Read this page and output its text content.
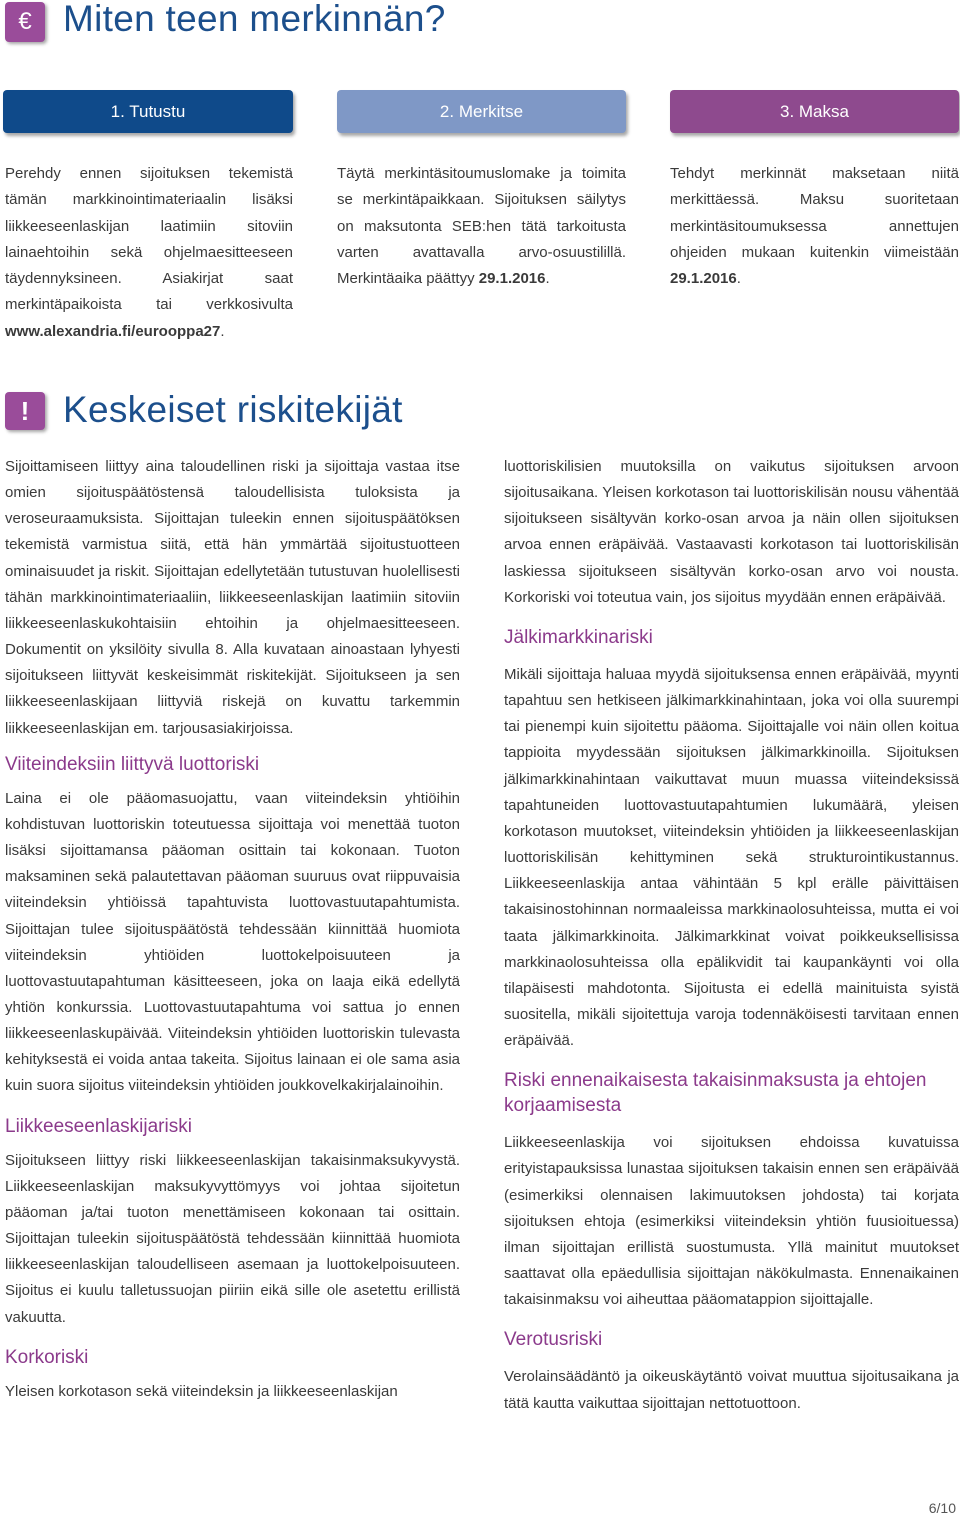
€ Miten teen merkinnän?
1. Tutustu	2. Merkitse	3. Maksa
Perehdy ennen sijoituksen tekemistä tämän markkinointimateriaalin lisäksi liikkeeseenlaskijan laatimiin sitoviin lainaehtoihin sekä ohjelmaesitteeseen täydennyksineen. Asiakirjat saat merkintäpaikoista tai verkkosivulta www.alexandria.fi/eurooppa27.
Täytä merkintäsitoumuslomake ja toimita se merkintäpaikkaan. Sijoituksen säilytys on maksutonta SEB:hen tätä tarkoitusta varten avattavalla arvo-osuustilillä. Merkintäaika päättyy 29.1.2016.
Tehdyt merkinnät maksetaan niitä merkittäessä. Maksu suoritetaan merkintäsitoumuksessa annettujen ohjeiden mukaan kuitenkin viimeistään 29.1.2016.
! Keskeiset riskitekijät
Sijoittamiseen liittyy aina taloudellinen riski ja sijoittaja vastaa itse omien sijoituspäätöstensä taloudellisista tuloksista ja veroseuraamuksista. Sijoittajan tuleekin ennen sijoituspäätöksen tekemistä varmistua siitä, että hän ymmärtää sijoitustuotteen ominaisuudet ja riskit. Sijoittajan edellytetään tutustuvan huolellisesti tähän markkinointimateriaaliin, liikkeeseenlaskijan laatimiin sitoviin liikkeeseenlaskukohtaisiin ehtoihin ja ohjelmaesitteeseen. Dokumentit on yksilöity sivulla 8. Alla kuvataan ainoastaan lyhyesti sijoitukseen liittyvät keskeisimmät riskitekijät. Sijoitukseen ja sen liikkeeseenlaskijaan liittyviä riskejä on kuvattu tarkemmin liikkeeseenlaskijan em. tarjousasiakirjoissa.
Viiteindeksiin liittyvä luottoriski
Laina ei ole pääomasuojattu, vaan viiteindeksin yhtiöihin kohdistuvan luottoriskin toteutuessa sijoittaja voi menettää tuoton lisäksi sijoittamansa pääoman osittain tai kokonaan. Tuoton maksaminen sekä palautettavan pääoman suuruus ovat riippuvaisia viiteindeksin yhtiöissä tapahtuvista luottovastuutapahtumista. Sijoittajan tulee sijoituspäätöstä tehdessään kiinnittää huomiota viiteindeksin yhtiöiden luottokelpoisuuteen ja luottovastuutapahtuman käsitteeseen, joka on laaja eikä edellytä yhtiön konkurssia. Luottovastuutapahtuma voi sattua jo ennen liikkeeseenlaskupäivää. Viiteindeksin yhtiöiden luottoriskin tulevasta kehityksestä ei voida antaa takeita. Sijoitus lainaan ei ole sama asia kuin suora sijoitus viiteindeksin yhtiöiden joukkovelkakirjalainoihin.
Liikkeeseenlaskijariski
Sijoitukseen liittyy riski liikkeeseenlaskijan takaisinmaksukyvystä. Liikkeeseenlaskijan maksukyvyttömyys voi johtaa sijoitetun pääoman ja/tai tuoton menettämiseen kokonaan tai osittain. Sijoittajan tuleekin sijoituspäätöstä tehdessään kiinnittää huomiota liikkeeseenlaskijan taloudelliseen asemaan ja luottokelpoisuuteen. Sijoitus ei kuulu talletussuojan piiriin eikä sille ole asetettu erillistä vakuutta.
Korkoriski
Yleisen korkotason sekä viiteindeksin ja liikkeeseenlaskijan
luottoriskilisien muutoksilla on vaikutus sijoituksen arvoon sijoitusaikana. Yleisen korkotason tai luottoriskilisän nousu vähentää sijoitukseen sisältyvän korko-osan arvoa ja näin ollen sijoituksen arvoa ennen eräpäivää. Vastaavasti korkotason tai luottoriskilisän laskiessa sijoitukseen sisältyvän korko-osan arvo voi nousta. Korkoriski voi toteutua vain, jos sijoitus myydään ennen eräpäivää.
Jälkimarkkinariski
Mikäli sijoittaja haluaa myydä sijoituksensa ennen eräpäivää, myynti tapahtuu sen hetkiseen jälkimarkkinahintaan, joka voi olla suurempi tai pienempi kuin sijoitettu pääoma. Sijoittajalle voi näin ollen koitua tappioita myydessään sijoituksen jälkimarkkinoilla. Sijoituksen jälkimarkkinahintaan vaikuttavat muun muassa viiteindeksissä tapahtuneiden luottovastuutapahtumien lukumäärä, yleisen korkotason muutokset, viiteindeksin yhtiöiden ja liikkeeseenlaskijan luottoriskilisän kehittyminen sekä strukturointikustannus. Liikkeeseenlaskija antaa vähintään 5 kpl erälle päivittäisen takaisinostohinnan normaaleissa markkinaolosuhteissa, mutta ei voi taata jälkimarkkinoita. Jälkimarkkinat voivat poikkeuksellisissa markkinaolosuhteissa olla epälikvidit tai kaupankäynti voi olla tilapäisesti mahdotonta. Sijoitusta ei edellä mainituista syistä suositella, mikäli sijoitettuja varoja todennäköisesti tarvitaan ennen eräpäivää.
Riski ennenaikaisesta takaisinmaksusta ja ehtojen korjaamisesta
Liikkeeseenlaskija voi sijoituksen ehdoissa kuvatuissa erityistapauksissa lunastaa sijoituksen takaisin ennen sen eräpäivää (esimerkiksi olennaisen lakimuutoksen johdosta) tai korjata sijoituksen ehtoja (esimerkiksi viiteindeksin yhtiön fuusioituessa) ilman sijoittajan erillistä suostumusta. Yllä mainitut muutokset saattavat olla epäedullisia sijoittajan näkökulmasta. Ennenaikainen takaisinmaksu voi aiheuttaa pääomatappion sijoittajalle.
Verotusriski
Verolainsäädäntö ja oikeuskäytäntö voivat muuttua sijoitusaikana ja tätä kautta vaikuttaa sijoittajan nettotuottoon.
6/10
